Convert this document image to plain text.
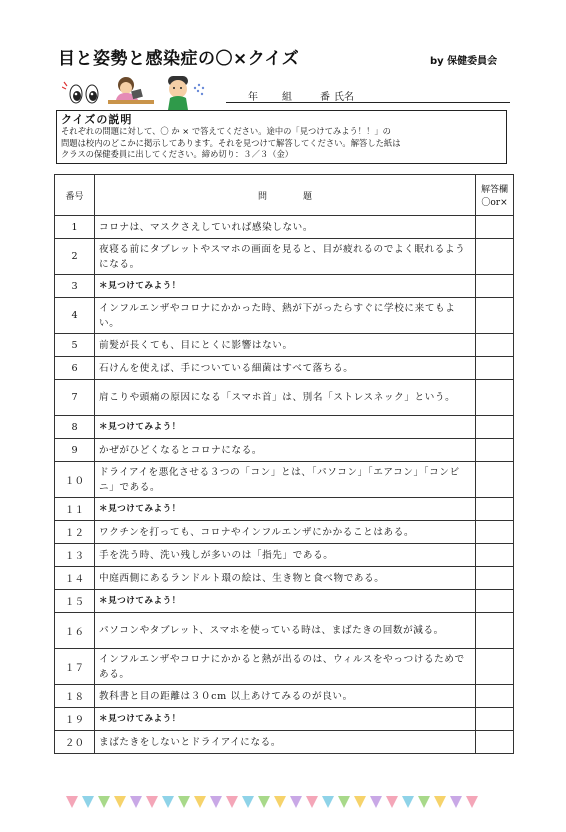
目と姿勢と感染症の〇×クイズ	by 保健委員会
年 組	番 氏名
クイズの説明
それぞれの問題に対して、〇 か × で答えてください。途中の「見つけてみよう！！」の
問題は校内のどこかに掲示してあります。それを見つけて解答してください。解答した紙は
クラスの保健委員に出してください。締め切り：３／３（金）
番号	問　　　　題	解答欄
〇or×

1	コロナは、マスクさえしていれば感染しない。	
2	夜寝る前にタブレットやスマホの画面を見ると、目が疲れるのでよく眠れるようになる。	
3	＊見つけてみよう！	
4	インフルエンザやコロナにかかった時、熱が下がったらすぐに学校に来てもよい。	
5	前髪が長くても、目にとくに影響はない。	
6	石けんを使えば、手についている細菌はすべて落ちる。	
7	肩こりや頭痛の原因になる「スマホ首」は、別名「ストレスネック」という。	
8	＊見つけてみよう！	
9	かぜがひどくなるとコロナになる。	
１０	ドライアイを悪化させる３つの「コン」とは、「パソコン」「エアコン」「コンビニ」である。	
１１	＊見つけてみよう！	
１２	ワクチンを打っても、コロナやインフルエンザにかかることはある。	
１３	手を洗う時、洗い残しが多いのは「指先」である。	
１４	中庭西側にあるランドルト環の絵は、生き物と食べ物である。	
１５	＊見つけてみよう！	
１６	パソコンやタブレット、スマホを使っている時は、まばたきの回数が減る。	
１７	インフルエンザやコロナにかかると熱が出るのは、ウィルスをやっつけるためである。	
１８	教科書と目の距離は３０cm 以上あけてみるのが良い。	
１９	＊見つけてみよう！	
２０	まばたきをしないとドライアイになる。	
